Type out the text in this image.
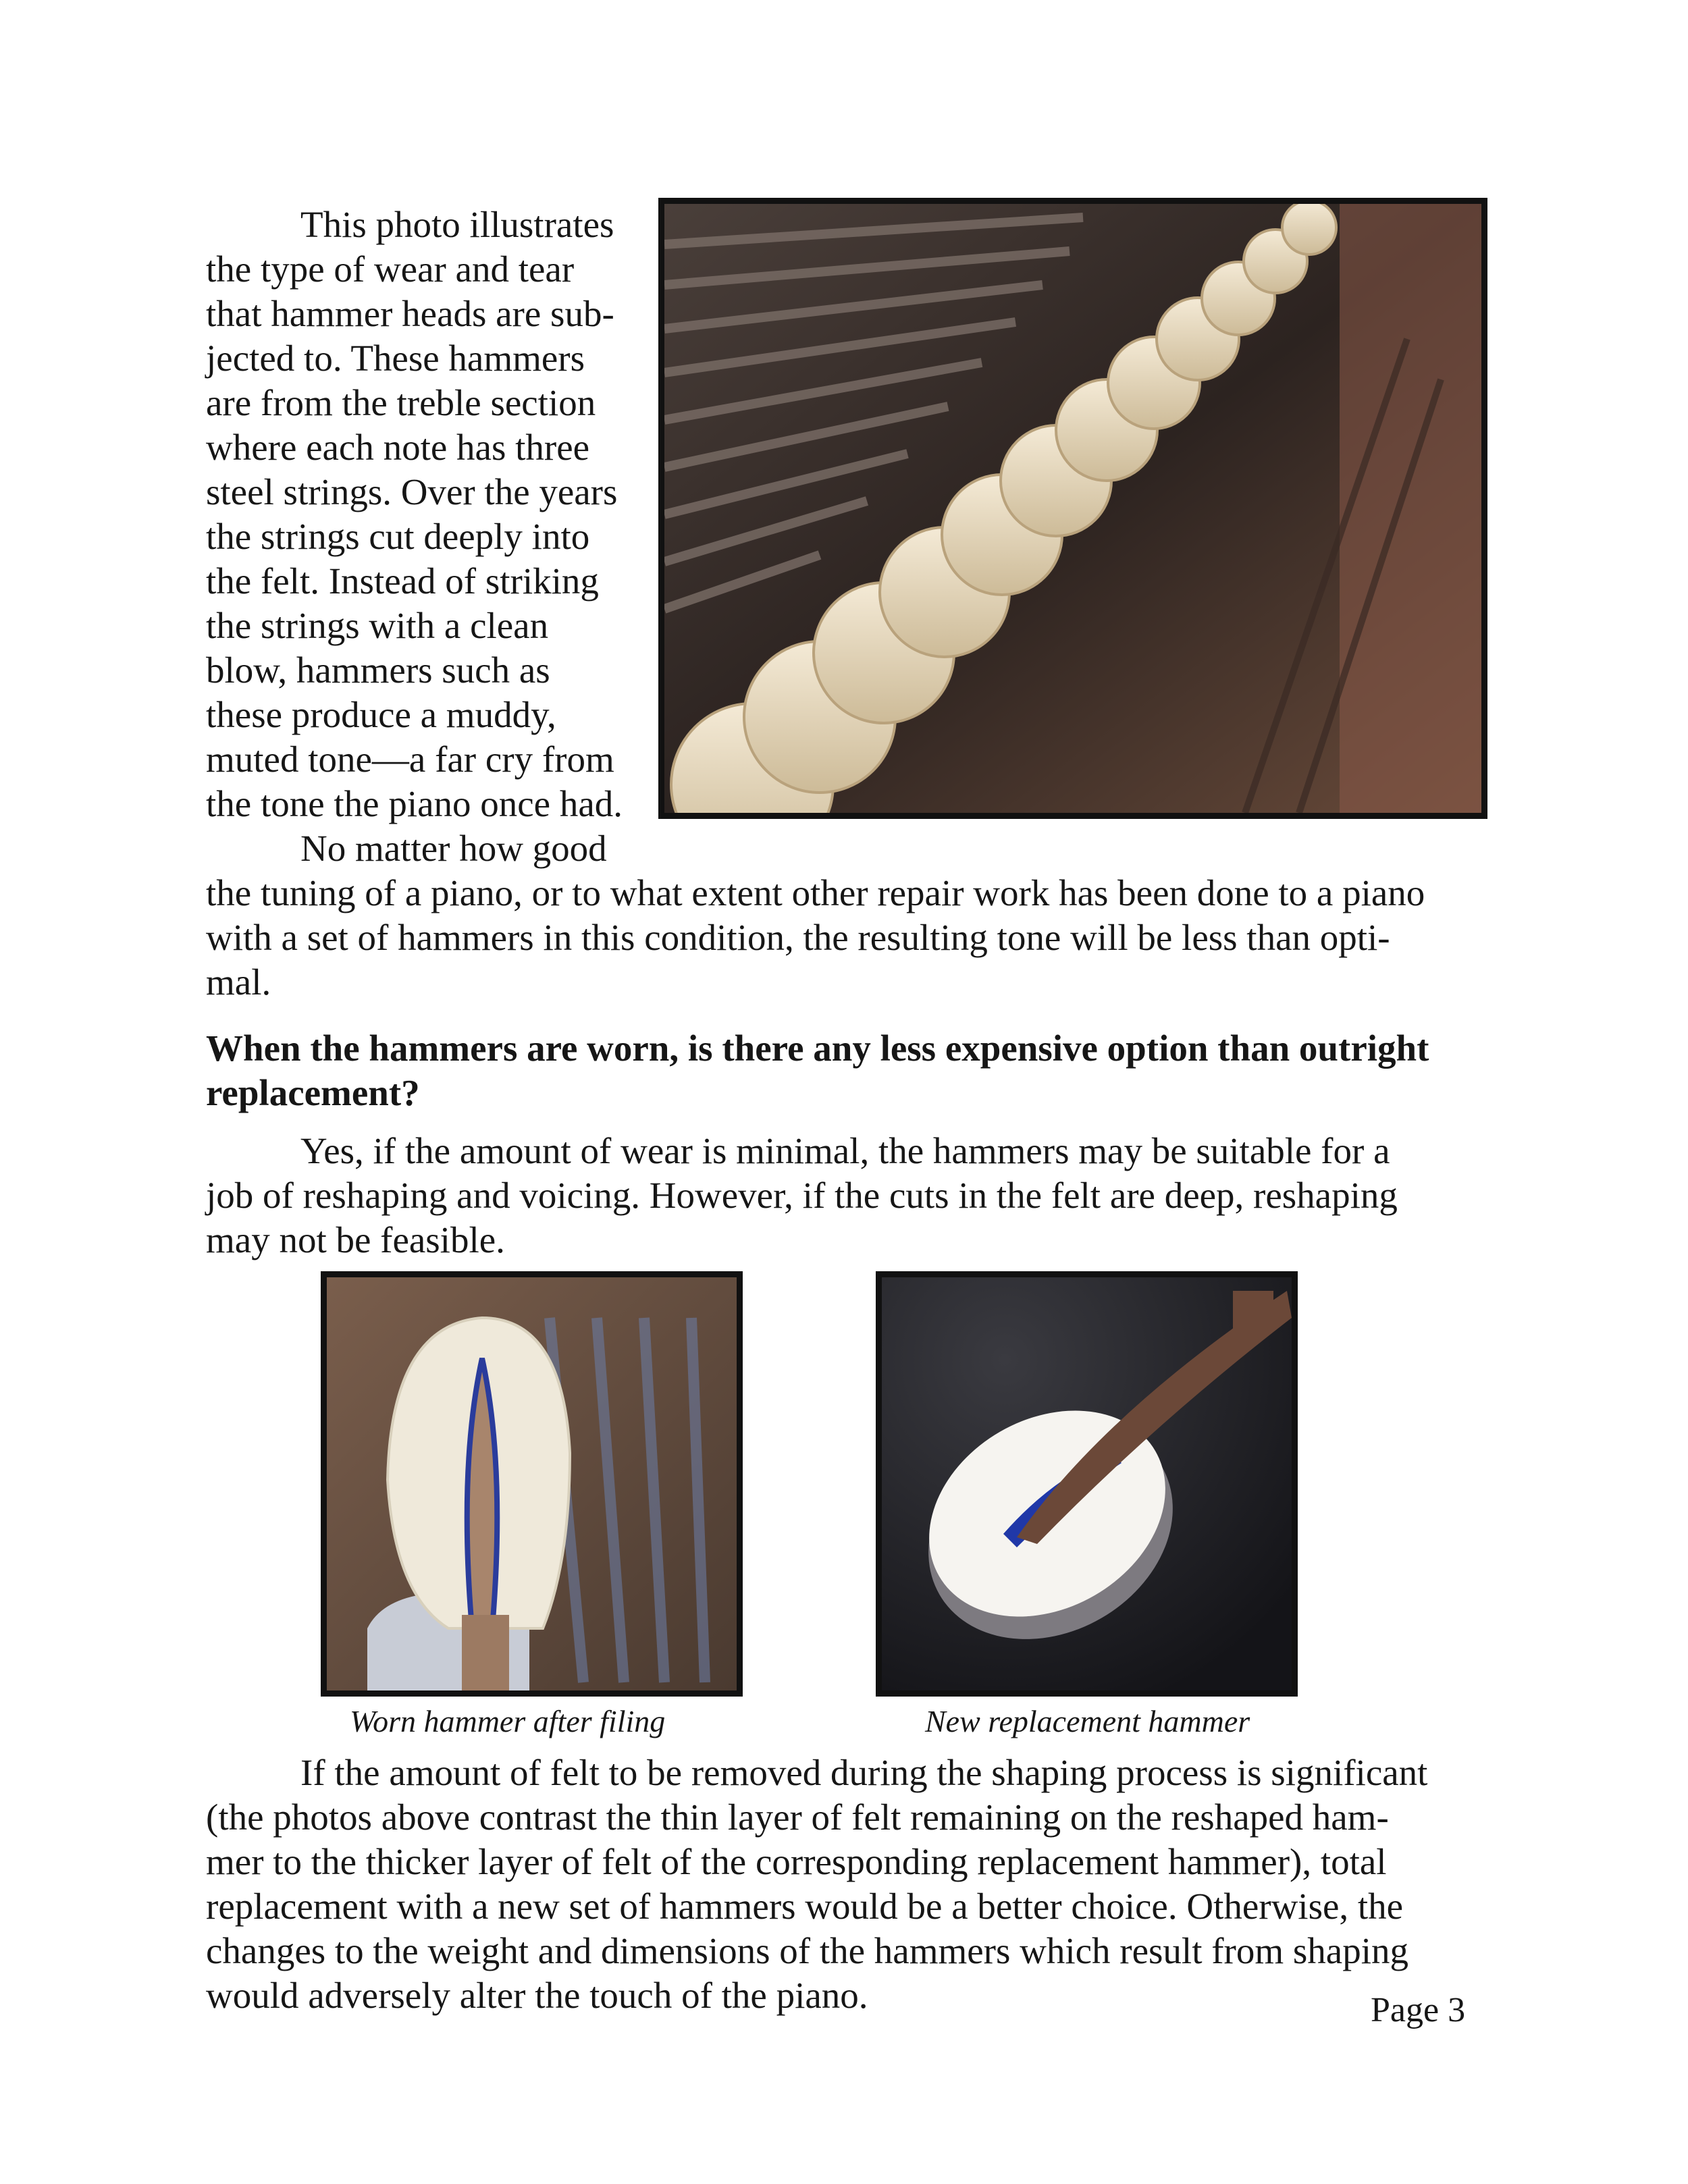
This photo illustrates
the type of wear and tear
that hammer heads are sub-
jected to. These hammers
are from the treble section
where each note has three
steel strings. Over the years
the strings cut deeply into
the felt. Instead of striking
the strings with a clean
blow, hammers such as
these produce a muddy,
muted tone—a far cry from
the tone the piano once had.

No matter how good
the tuning of a piano, or to what extent other repair work has been done to a piano
with a set of hammers in this condition, the resulting tone will be less than opti-
mal.

When the hammers are worn, is there any less expensive option than outright
replacement?

Yes, if the amount of wear is minimal, the hammers may be suitable for a
job of reshaping and voicing. However, if the cuts in the felt are deep, reshaping
may not be feasible.

Worn hammer after filing	New replacement hammer

If the amount of felt to be removed during the shaping process is significant
(the photos above contrast the thin layer of felt remaining on the reshaped ham-
mer to the thicker layer of felt of the corresponding replacement hammer), total
replacement with a new set of hammers would be a better choice. Otherwise, the
changes to the weight and dimensions of the hammers which result from shaping
would adversely alter the touch of the piano.	Page 3
